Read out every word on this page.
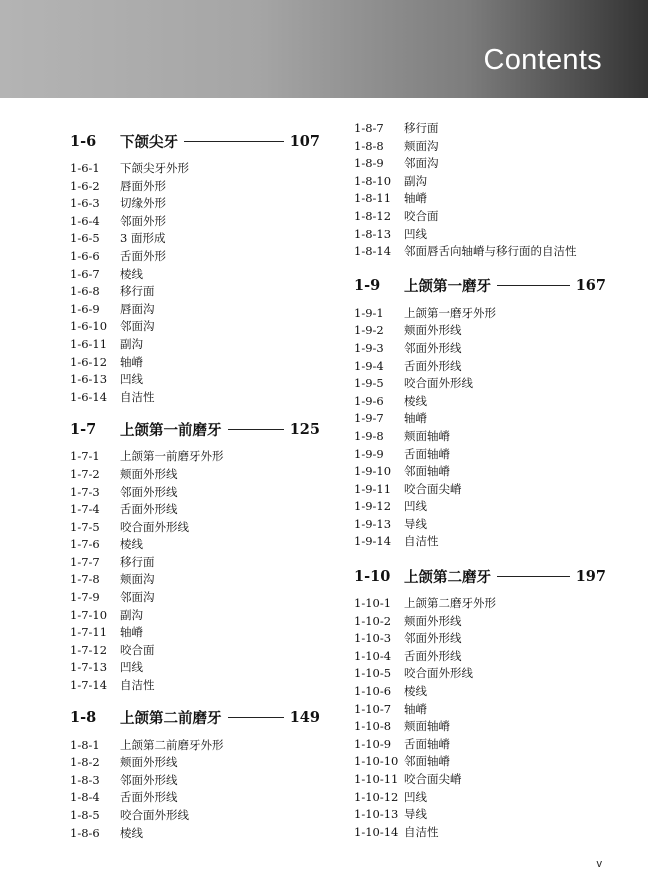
Contents
1-6	下颌尖牙	107
1-6-1	下颌尖牙外形
1-6-2	唇面外形
1-6-3	切缘外形
1-6-4	邻面外形
1-6-5	3 面形成
1-6-6	舌面外形
1-6-7	棱线
1-6-8	移行面
1-6-9	唇面沟
1-6-10	邻面沟
1-6-11	副沟
1-6-12	轴嵴
1-6-13	凹线
1-6-14	自洁性
1-7	上颌第一前磨牙	125
1-7-1	上颌第一前磨牙外形
1-7-2	颊面外形线
1-7-3	邻面外形线
1-7-4	舌面外形线
1-7-5	咬合面外形线
1-7-6	棱线
1-7-7	移行面
1-7-8	颊面沟
1-7-9	邻面沟
1-7-10	副沟
1-7-11	轴嵴
1-7-12	咬合面
1-7-13	凹线
1-7-14	自洁性
1-8	上颌第二前磨牙	149
1-8-1	上颌第二前磨牙外形
1-8-2	颊面外形线
1-8-3	邻面外形线
1-8-4	舌面外形线
1-8-5	咬合面外形线
1-8-6	棱线
1-8-7	移行面
1-8-8	颊面沟
1-8-9	邻面沟
1-8-10	副沟
1-8-11	轴嵴
1-8-12	咬合面
1-8-13	凹线
1-8-14	邻面唇舌向轴嵴与移行面的自洁性
1-9	上颌第一磨牙	167
1-9-1	上颌第一磨牙外形
1-9-2	颊面外形线
1-9-3	邻面外形线
1-9-4	舌面外形线
1-9-5	咬合面外形线
1-9-6	棱线
1-9-7	轴嵴
1-9-8	颊面轴嵴
1-9-9	舌面轴嵴
1-9-10	邻面轴嵴
1-9-11	咬合面尖嵴
1-9-12	凹线
1-9-13	导线
1-9-14	自洁性
1-10 上颌第二磨牙	197
1-10-1	上颌第二磨牙外形
1-10-2	颊面外形线
1-10-3	邻面外形线
1-10-4	舌面外形线
1-10-5	咬合面外形线
1-10-6	棱线
1-10-7	轴嵴
1-10-8	颊面轴嵴
1-10-9	舌面轴嵴
1-10-10 邻面轴嵴
1-10-11 咬合面尖嵴
1-10-12 凹线
1-10-13 导线
1-10-14 自洁性
v
